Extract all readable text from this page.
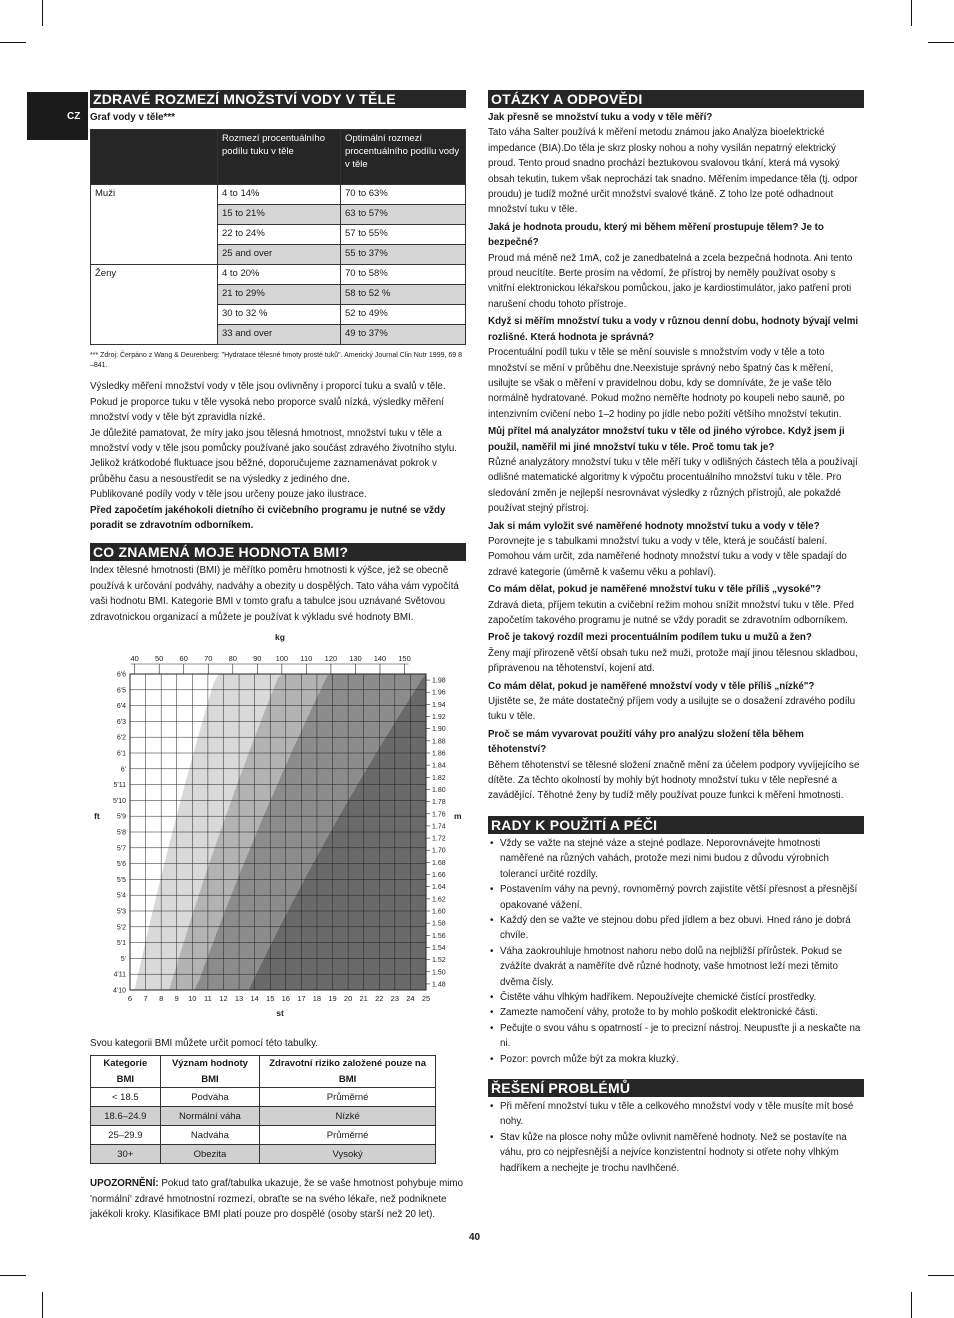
CZ
ZDRAVÉ ROZMEZÍ MNOŽSTVÍ VODY V TĚLE
Graf vody v těle***
	Rozmezí procentuálního podílu tuku v těle	Optimální rozmezí procentuálního podílu vody v těle
Muži	4 to 14%	70 to 63%
	15 to 21%	63 to 57%
	22 to 24%	57 to 55%
	25 and over	55 to 37%
Ženy	4 to 20%	70 to 58%
	21 to 29%	58 to 52 %
	30 to 32 %	52 to 49%
	33 and over	49 to 37%

*** Zdroj: Čerpáno z Wang & Deurenberg: "Hydratace tělesné hmoty prosté tuků". Americký Journal Clin Nutr 1999, 69 8 –841.

Výsledky měření množství vody v těle jsou ovlivněny i proporcí tuku a svalů v těle. Pokud je proporce tuku v těle vysoká nebo proporce svalů nízká, výsledky měření množství vody v těle být zpravidla nízké.

Je důležité pamatovat, že míry jako jsou tělesná hmotnost, množství tuku v těle a množství vody v těle jsou pomůcky používané jako součást zdravého životního stylu. Jelikož krátkodobé fluktuace jsou běžné, doporučujeme zaznamenávat pokrok v průběhu času a nesoustředit se na výsledky z jediného dne.

Publikované podíly vody v těle jsou určeny pouze jako ilustrace.

Před započetím jakéhokoli dietního či cvičebního programu je nutné se vždy poradit se zdravotním odborníkem.

CO ZNAMENÁ MOJE HODNOTA BMI?

Index tělesné hmotnosti (BMI) je měřítko poměru hmotnosti k výšce, jež se obecně používá k určování podváhy, nadváhy a obezity u dospělých. Tato váha vám vypočítá vaši hodnotu BMI. Kategorie BMI v tomto grafu a tabulce jsou uznávané Světovou zdravotnickou organizací a můžete je používat k výkladu své hodnoty BMI.

6 7 8 9 10 11 12 13 14 15 16 17 18 19 20 21 22 23 24 25
1.98
1.96
1.94
1.92
1.90
1.88
1.86
1.84
1.82
1.80
1.78
1.76
1.74
1.72
1.70
1.68
1.66
1.64
1.62
1.60
1.58
1.56
1.54
1.52
1.50
1.48
6'6
6'5
6'4
6'3
6'2
6'1
6'
5'11
5'10
5'9
5'8
5'7
5'6
5'5
5'4
5'3
5'2
5'1
5'
4'11
4'10
40 50 60 70 80 90 100 110 120 130 140 150
kg
st
ft	m

Svou kategorii BMI můžete určit pomocí této tabulky.

Kategorie BMI	Význam hodnoty BMI	Zdravotní riziko založené pouze na BMI
< 18.5	Podváha	Průměrné
18.6–24.9	Normální váha	Nízké
25–29.9	Nadváha	Průměrné
30+	Obezita	Vysoký

UPOZORNĚNÍ: Pokud tato graf/tabulka ukazuje, že se vaše hmotnost pohybuje mimo 'normální' zdravé hmotnostní rozmezí, obraťte se na svého lékaře, než podniknete jakékoli kroky. Klasifikace BMI platí pouze pro dospělé (osoby starší než 20 let).

OTÁZKY A ODPOVĚDI

Jak přesně se množství tuku a vody v těle měří?

Tato váha Salter používá k měření metodu známou jako Analýza bioelektrické impedance (BIA).Do těla je skrz plosky nohou a nohy vysílán nepatrný elektrický proud. Tento proud snadno prochází beztukovou svalovou tkání, která má vysoký obsah tekutin, tukem však neprochází tak snadno. Měřením impedance těla (tj. odpor proudu) je tudíž možné určit množství svalové tkáně. Z toho lze poté odhadnout množství tuku v těle.

Jaká je hodnota proudu, který mi během měření prostupuje tělem? Je to bezpečné?

Proud má méně než 1mA, což je zanedbatelná a zcela bezpečná hodnota. Ani tento proud neucítíte. Berte prosím na vědomí, že přístroj by neměly používat osoby s vnitřní elektronickou lékařskou pomůckou, jako je kardiostimulátor, jako patření proti narušení chodu tohoto přístroje.

Když si měřím množství tuku a vody v různou denní dobu, hodnoty bývají velmi rozlišné. Která hodnota je správná?

Procentuální podíl tuku v těle se mění souvisle s množstvím vody v těle a toto množství se mění v průběhu dne.Neexistuje správný nebo špatný čas k měření, usilujte se však o měření v pravidelnou dobu, kdy se domníváte, že je vaše tělo normálně hydratované. Pokud možno neměřte hodnoty po koupeli nebo sauně, po intenzivním cvičení nebo 1–2 hodiny po jídle nebo požití většího množství tekutin.

Můj přítel má analyzátor množství tuku v těle od jiného výrobce. Když jsem ji použil, naměřil mi jiné množství tuku v těle. Proč tomu tak je?

Různé analyzátory množství tuku v těle měří tuky v odlišných částech těla a používají odlišné matematické algoritmy k výpočtu procentuálního množství tuku v těle. Pro sledování změn je nejlepší nesrovnávat výsledky z různých přístrojů, ale pokaždé používat stejný přístroj.

Jak si mám vyložit své naměřené hodnoty množství tuku a vody v těle?

Porovnejte je s tabulkami množství tuku a vody v těle, která je součástí balení. Pomohou vám určit, zda naměřené hodnoty množství tuku a vody v těle spadají do zdravé kategorie (úměrně k vašemu věku a pohlaví).

Co mám dělat, pokud je naměřené množství tuku v těle příliš „vysoké"?

Zdravá dieta, příjem tekutin a cvičební režim mohou snížit množství tuku v těle. Před započetím takového programu je nutné se vždy poradit se zdravotním odborníkem.

Proč je takový rozdíl mezi procentuálním podílem tuku u mužů a žen?

Ženy mají přirozeně větší obsah tuku než muži, protože mají jinou tělesnou skladbou, připravenou na těhotenství, kojení atd.

Co mám dělat, pokud je naměřené množství vody v těle příliš „nízké"?

Ujistěte se, že máte dostatečný příjem vody a usilujte se o dosažení zdravého podílu tuku v těle.

Proč se mám vyvarovat použití váhy pro analýzu složení těla během těhotenství?

Během těhotenství se tělesné složení značně mění za účelem podpory vyvíjejícího se dítěte. Za těchto okolností by mohly být hodnoty množství tuku v těle nepřesné a zavádějící. Těhotné ženy by tudíž měly používat pouze funkci k měření hmotnosti.

RADY K POUŽITÍ A PÉČI
• Vždy se važte na stejné váze a stejné podlaze. Neporovnávejte hmotnosti naměřené na různých vahách, protože mezi nimi budou z důvodu výrobních tolerancí určité rozdíly.
• Postavením váhy na pevný, rovnoměrný povrch zajistíte větší přesnost a přesnější opakované vážení.
• Každý den se važte ve stejnou dobu před jídlem a bez obuvi. Hned ráno je dobrá chvíle.
• Váha zaokrouhluje hmotnost nahoru nebo dolů na nejbližší přírůstek. Pokud se zvážíte dvakrát a naměříte dvě různé hodnoty, vaše hmotnost leží mezi těmito dvěma čísly.
• Čistěte váhu vlhkým hadříkem. Nepoužívejte chemické čistící prostředky.
• Zamezte namočení váhy, protože to by mohlo poškodit elektronické části.
• Pečujte o svou váhu s opatrností - je to precizní nástroj. Neupusťte ji a neskačte na ni.
• Pozor: povrch může být za mokra kluzký.
ŘEŠENÍ PROBLÉMŮ
• Při měření množství tuku v těle a celkového množství vody v těle musíte mít bosé nohy.
• Stav kůže na plosce nohy může ovlivnit naměřené hodnoty. Než se postavíte na váhu, pro co nejpřesnější a nejvíce konzistentní hodnoty si otřete nohy vlhkým hadříkem a nechejte je trochu navlhčené.
40
